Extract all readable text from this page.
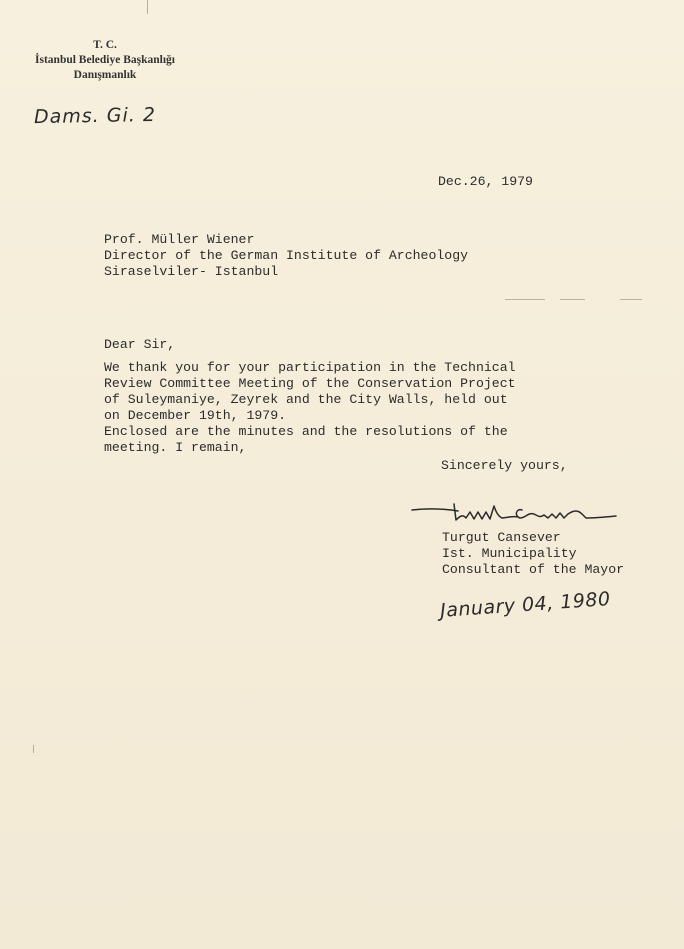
T. C.
İstanbul Belediye Başkanlığı
Danışmanlık
Dams. Gi. 2
Dec.26, 1979
Prof. Müller Wiener
Director of the German Institute of Archeology
Siraselviler- Istanbul
Dear Sir,
We thank you for your participation in the Technical
Review Committee Meeting of the Conservation Project
of Suleymaniye, Zeyrek and the City Walls, held out
on December 19th, 1979.
Enclosed are the minutes and the resolutions of the
meeting. I remain,
Sincerely yours,
Turgut Cansever
Ist. Municipality
Consultant of the Mayor
January 04, 1980
